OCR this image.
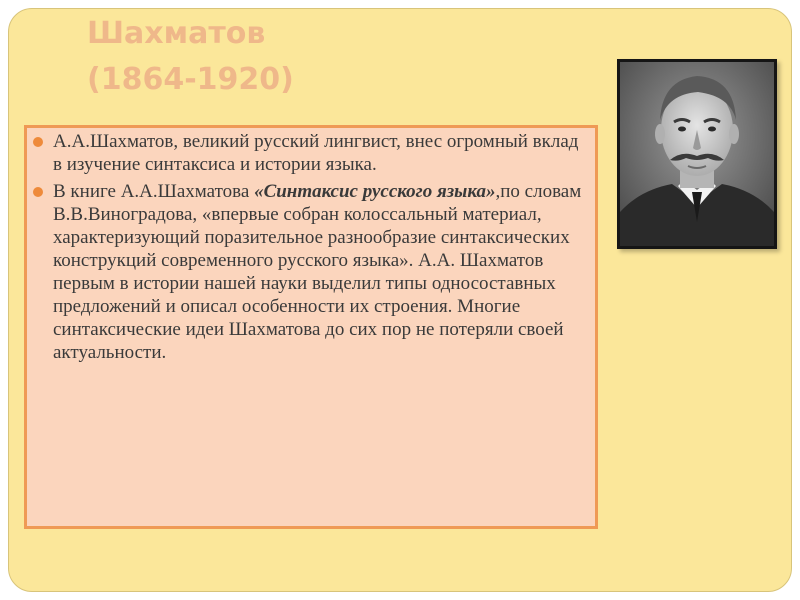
Шахматов
(1864-1920)

А.А.Шахматов, великий русский лингвист, внес огромный вклад в изучение синтаксиса и истории языка.

В книге А.А.Шахматова «Синтаксис русского языка»,по словам В.В.Виноградова, «впервые собран колоссальный материал, характеризующий поразительное разнообразие синтаксических конструкций современного русского языка». А.А. Шахматов первым в истории нашей науки выделил типы односоставных предложений и описал особенности их строения. Многие синтаксические идеи Шахматова до сих пор не потеряли своей актуальности.
